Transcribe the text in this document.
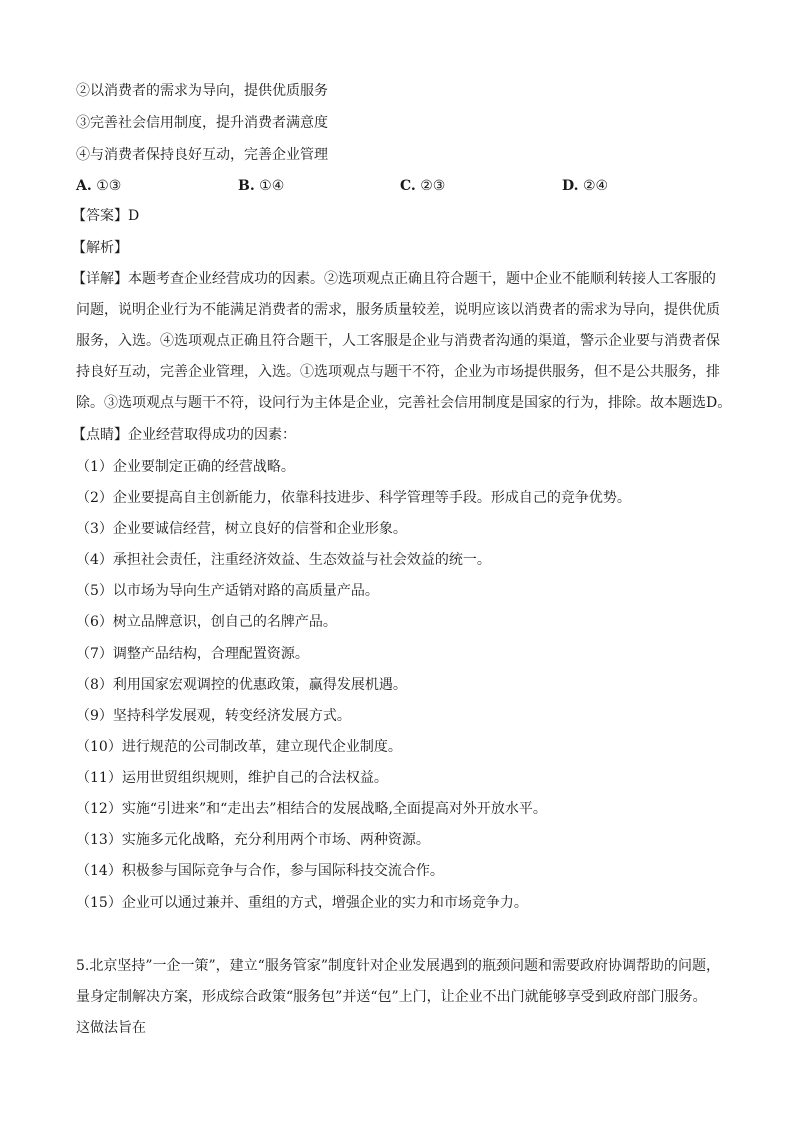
②以消费者的需求为导向，提供优质服务
③完善社会信用制度，提升消费者满意度
④与消费者保持良好互动，完善企业管理
A. ①③	B. ①④	C. ②③	D. ②④
【答案】D
【解析】
【详解】本题考查企业经营成功的因素。②选项观点正确且符合题干，题中企业不能顺利转接人工客服的
问题，说明企业行为不能满足消费者的需求，服务质量较差，说明应该以消费者的需求为导向，提供优质
服务，入选。④选项观点正确且符合题干，人工客服是企业与消费者沟通的渠道，警示企业要与消费者保
持良好互动，完善企业管理，入选。①选项观点与题干不符，企业为市场提供服务，但不是公共服务，排
除。③选项观点与题干不符，设问行为主体是企业，完善社会信用制度是国家的行为，排除。故本题选D。
【点睛】企业经营取得成功的因素：
（1）企业要制定正确的经营战略。
（2）企业要提高自主创新能力，依靠科技进步、科学管理等手段。形成自己的竞争优势。
（3）企业要诚信经营，树立良好的信誉和企业形象。
（4）承担社会责任，注重经济效益、生态效益与社会效益的统一。
（5）以市场为导向生产适销对路的高质量产品。
（6）树立品牌意识，创自己的名牌产品。
（7）调整产品结构，合理配置资源。
（8）利用国家宏观调控的优惠政策，赢得发展机遇。
（9）坚持科学发展观，转变经济发展方式。
（10）进行规范的公司制改革，建立现代企业制度。
（11）运用世贸组织规则，维护自己的合法权益。
（12）实施“引进来”和“走出去”相结合的发展战略,全面提高对外开放水平。
（13）实施多元化战略，充分利用两个市场、两种资源。
（14）积极参与国际竞争与合作，参与国际科技交流合作。
（15）企业可以通过兼并、重组的方式，增强企业的实力和市场竞争力。
5.北京坚持”一企一策”，建立“服务管家”制度针对企业发展遇到的瓶颈问题和需要政府协调帮助的问题，
量身定制解决方案，形成综合政策“服务包”并送“包”上门，让企业不出门就能够享受到政府部门服务。
这做法旨在
